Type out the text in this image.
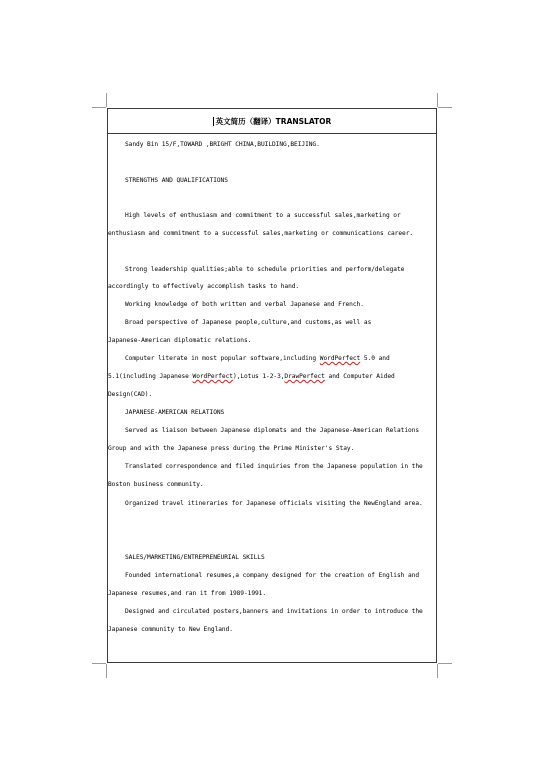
英文简历（翻译）TRANSLATOR
Sandy Bin 15/F,TOWARD ,BRIGHT CHINA,BUILDING,BEIJING.
STRENGTHS AND QUALIFICATIONS
High levels of enthusiasm and commitment to a successful sales,marketing or
enthusiasm and commitment to a successful sales,marketing or communications career.
Strong leadership qualities;able to schedule priorities and perform/delegate
accordingly to effectively accomplish tasks to hand.
Working knowledge of both written and verbal Japanese and French.
Broad perspective of Japanese people,culture,and customs,as well as
Japanese-American diplomatic relations.
Computer literate in most popular software,including WordPerfect 5.0 and
5.1(including Japanese WordPerfect),Lotus 1-2-3,DrawPerfect and Computer Aided
Design(CAD).
JAPANESE-AMERICAN RELATIONS
Served as liaison between Japanese diplomats and the Japanese-American Relations
Group and with the Japanese press during the Prime Minister's Stay.
Translated correspondence and filed inquiries from the Japanese population in the
Boston business community.
Organized travel itineraries for Japanese officials visiting the NewEngland area.
SALES/MARKETING/ENTREPRENEURIAL SKILLS
Founded international resumes,a company designed for the creation of English and
Japanese resumes,and ran it from 1989-1991.
Designed and circulated posters,banners and invitations in order to introduce the
Japanese community to New England.
